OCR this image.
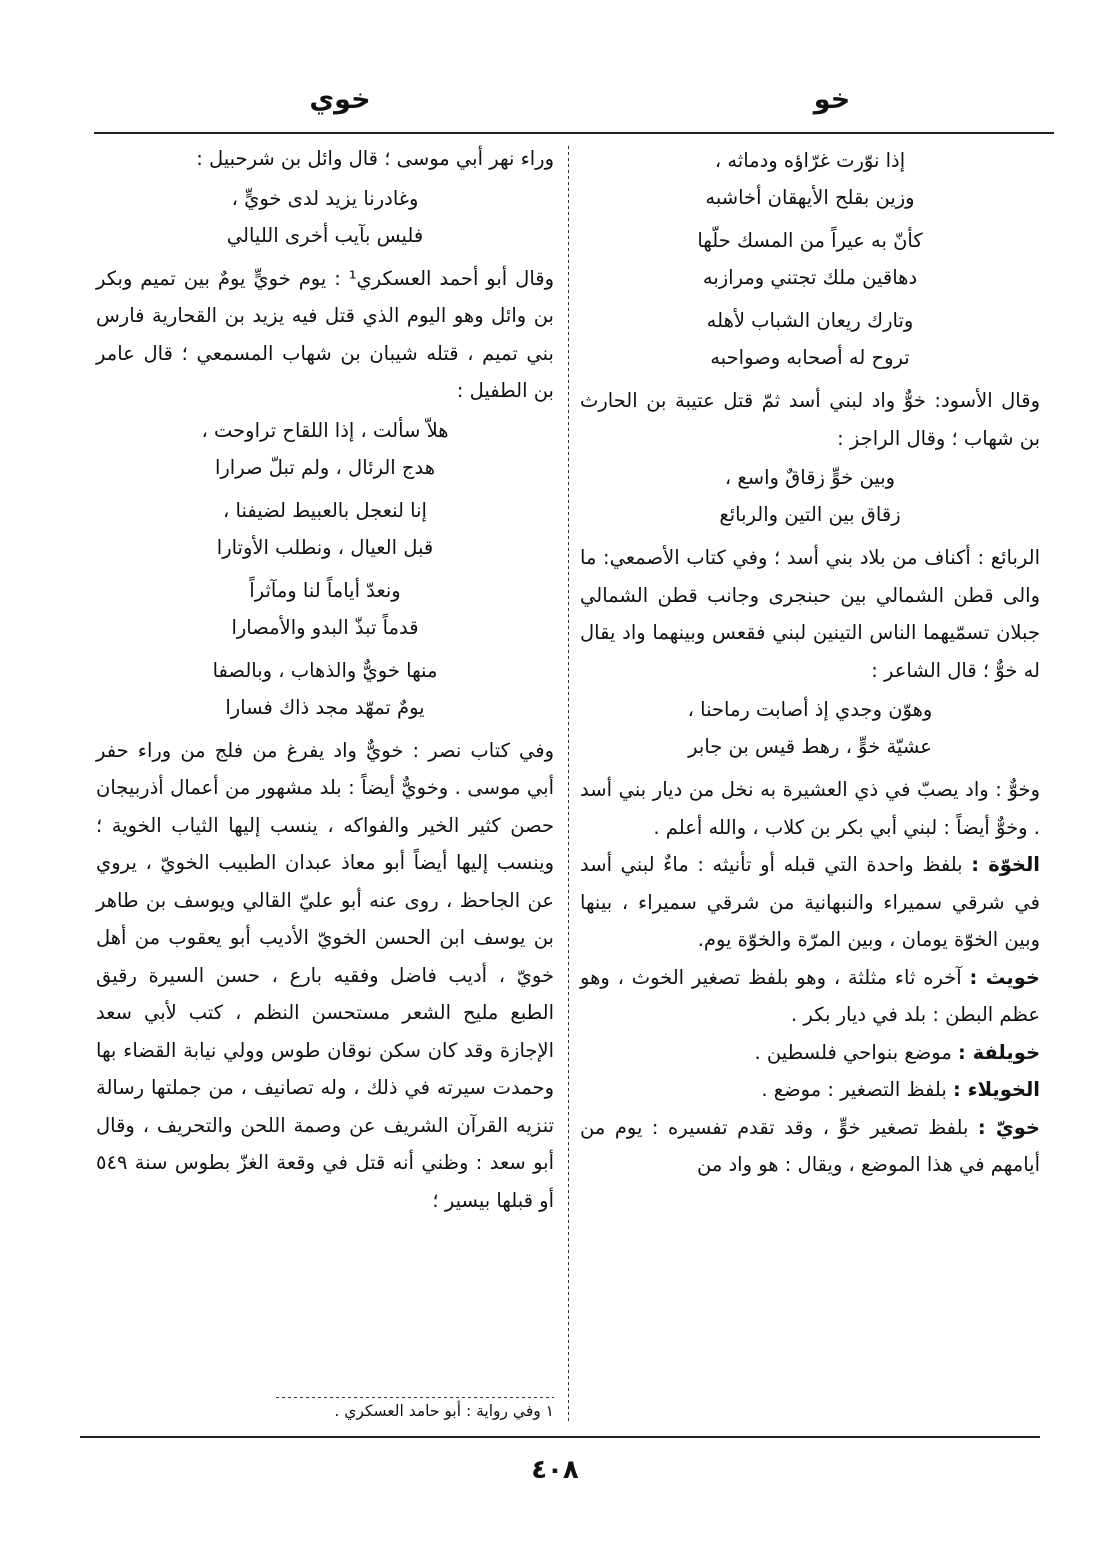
خو
خوي
إذا نوّرت غرّاؤه ودماثه ،
وزين بقلح الأيهقان أخاشبه
كأنّ به عيراً من المسك حلّها
دهاقين ملك تجتني ومرازبه
وتارك ريعان الشباب لأهله
تروح له أصحابه وصواحبه

وقال الأسود: خوٌّ واد لبني أسد ثمّ قتل عتيبة بن الحارث بن شهاب ؛ وقال الراجز :

وبين خوٍّ زقاقٌ واسع ،
زقاق بين التين والربائع

الربائع : أكناف من بلاد بني أسد ؛ وفي كتاب الأصمعي: ما والى قطن الشمالي بين حبنجرى وجانب قطن الشمالي جبلان تسمّيهما الناس التينين لبني فقعس وبينهما واد يقال له خوٌّ ؛ قال الشاعر :

وهوّن وجدي إذ أصابت رماحنا ،
عشيّة خوٍّ ، رهط قيس بن جابر

وخوٌّ : واد يصبّ في ذي العشيرة به نخل من ديار بني أسد . وخوٌّ أيضاً : لبني أبي بكر بن كلاب ، والله أعلم .

الخوّة : بلفظ واحدة التي قبله أو تأنيثه : ماءٌ لبني أسد في شرقي سميراء والنبهانية من شرقي سميراء ، بينها وبين الخوّة يومان ، وبين المرّة والخوّة يوم.

خويث : آخره ثاء مثلثة ، وهو بلفظ تصغير الخوث ، وهو عظم البطن : بلد في ديار بكر .

خويلفة : موضع بنواحي فلسطين .

الخويلاء : بلفظ التصغير : موضع .

خويّ : بلفظ تصغير خوٍّ ، وقد تقدم تفسيره : يوم من أيامهم في هذا الموضع ، ويقال : هو واد من

وراء نهر أبي موسى ؛ قال وائل بن شرحبيل :

وغادرنا يزيد لدى خويٍّ ،
فليس بآيب أخرى الليالي

وقال أبو أحمد العسكري¹ : يوم خويٍّ يومٌ بين تميم وبكر بن وائل وهو اليوم الذي قتل فيه يزيد بن القحارية فارس بني تميم ، قتله شيبان بن شهاب المسمعي ؛ قال عامر بن الطفيل :

هلاّ سألت ، إذا اللقاح تراوحت ،
هدج الرئال ، ولم تبلّ صرارا
إنا لنعجل بالعبيط لضيفنا ،
قبل العيال ، ونطلب الأوتارا
ونعدّ أياماً لنا ومآثراً
قدماً تبذّ البدو والأمصارا
منها خويٌّ والذهاب ، وبالصفا
يومٌ تمهّد مجد ذاك فسارا

وفي كتاب نصر : خويٌّ واد يفرغ من فلج من وراء حفر أبي موسى . وخويٌّ أيضاً : بلد مشهور من أعمال أذربيجان حصن كثير الخير والفواكه ، ينسب إليها الثياب الخوية ؛ وينسب إليها أيضاً أبو معاذ عبدان الطبيب الخويّ ، يروي عن الجاحظ ، روى عنه أبو عليّ القالي ويوسف بن طاهر بن يوسف ابن الحسن الخويّ الأديب أبو يعقوب من أهل خويّ ، أديب فاضل وفقيه بارع ، حسن السيرة رقيق الطبع مليح الشعر مستحسن النظم ، كتب لأبي سعد الإجازة وقد كان سكن نوقان طوس وولي نيابة القضاء بها وحمدت سيرته في ذلك ، وله تصانيف ، من جملتها رسالة تنزيه القرآن الشريف عن وصمة اللحن والتحريف ، وقال أبو سعد : وظني أنه قتل في وقعة الغزّ بطوس سنة ٥٤٩ أو قبلها بيسير ؛

١ وفي رواية : أبو حامد العسكري .
٤٠٨
